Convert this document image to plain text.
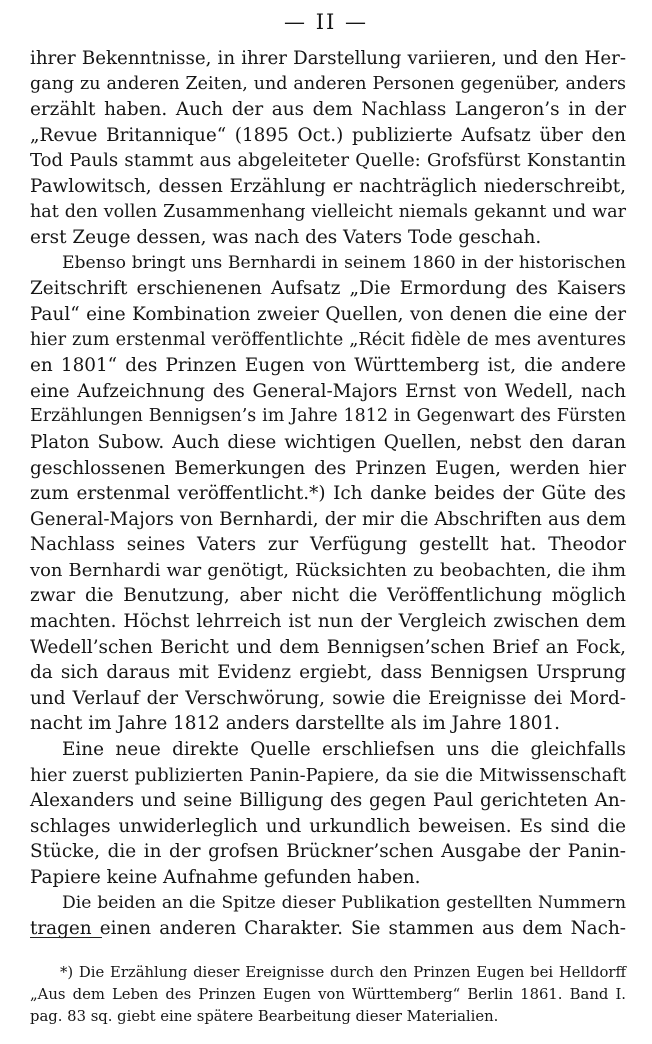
— II —
ihrer Bekenntnisse, in ihrer Darstellung variieren, und den Her-
gang zu anderen Zeiten, und anderen Personen gegenüber, anders
erzählt haben. Auch der aus dem Nachlass Langeron’s in der
„Revue Britannique“ (1895 Oct.) publizierte Aufsatz über den
Tod Pauls stammt aus abgeleiteter Quelle: Grofsfürst Konstantin
Pawlowitsch, dessen Erzählung er nachträglich niederschreibt,
hat den vollen Zusammenhang vielleicht niemals gekannt und war
erst Zeuge dessen, was nach des Vaters Tode geschah.
Ebenso bringt uns Bernhardi in seinem 1860 in der historischen
Zeitschrift erschienenen Aufsatz „Die Ermordung des Kaisers
Paul“ eine Kombination zweier Quellen, von denen die eine der
hier zum erstenmal veröffentlichte „Récit fidèle de mes aventures
en 1801“ des Prinzen Eugen von Württemberg ist, die andere
eine Aufzeichnung des General-Majors Ernst von Wedell, nach
Erzählungen Bennigsen’s im Jahre 1812 in Gegenwart des Fürsten
Platon Subow. Auch diese wichtigen Quellen, nebst den daran
geschlossenen Bemerkungen des Prinzen Eugen, werden hier
zum erstenmal veröffentlicht.*) Ich danke beides der Güte des
General-Majors von Bernhardi, der mir die Abschriften aus dem
Nachlass seines Vaters zur Verfügung gestellt hat. Theodor
von Bernhardi war genötigt, Rücksichten zu beobachten, die ihm
zwar die Benutzung, aber nicht die Veröffentlichung möglich
machten. Höchst lehrreich ist nun der Vergleich zwischen dem
Wedell’schen Bericht und dem Bennigsen’schen Brief an Fock,
da sich daraus mit Evidenz ergiebt, dass Bennigsen Ursprung
und Verlauf der Verschwörung, sowie die Ereignisse dei Mord-
nacht im Jahre 1812 anders darstellte als im Jahre 1801.
Eine neue direkte Quelle erschliefsen uns die gleichfalls
hier zuerst publizierten Panin-Papiere, da sie die Mitwissenschaft
Alexanders und seine Billigung des gegen Paul gerichteten An-
schlages unwiderleglich und urkundlich beweisen. Es sind die
Stücke, die in der grofsen Brückner’schen Ausgabe der Panin-
Papiere keine Aufnahme gefunden haben.
Die beiden an die Spitze dieser Publikation gestellten Nummern
tragen einen anderen Charakter. Sie stammen aus dem Nach-
*) Die Erzählung dieser Ereignisse durch den Prinzen Eugen bei Helldorff
„Aus dem Leben des Prinzen Eugen von Württemberg“ Berlin 1861. Band I.
pag. 83 sq. giebt eine spätere Bearbeitung dieser Materialien.
